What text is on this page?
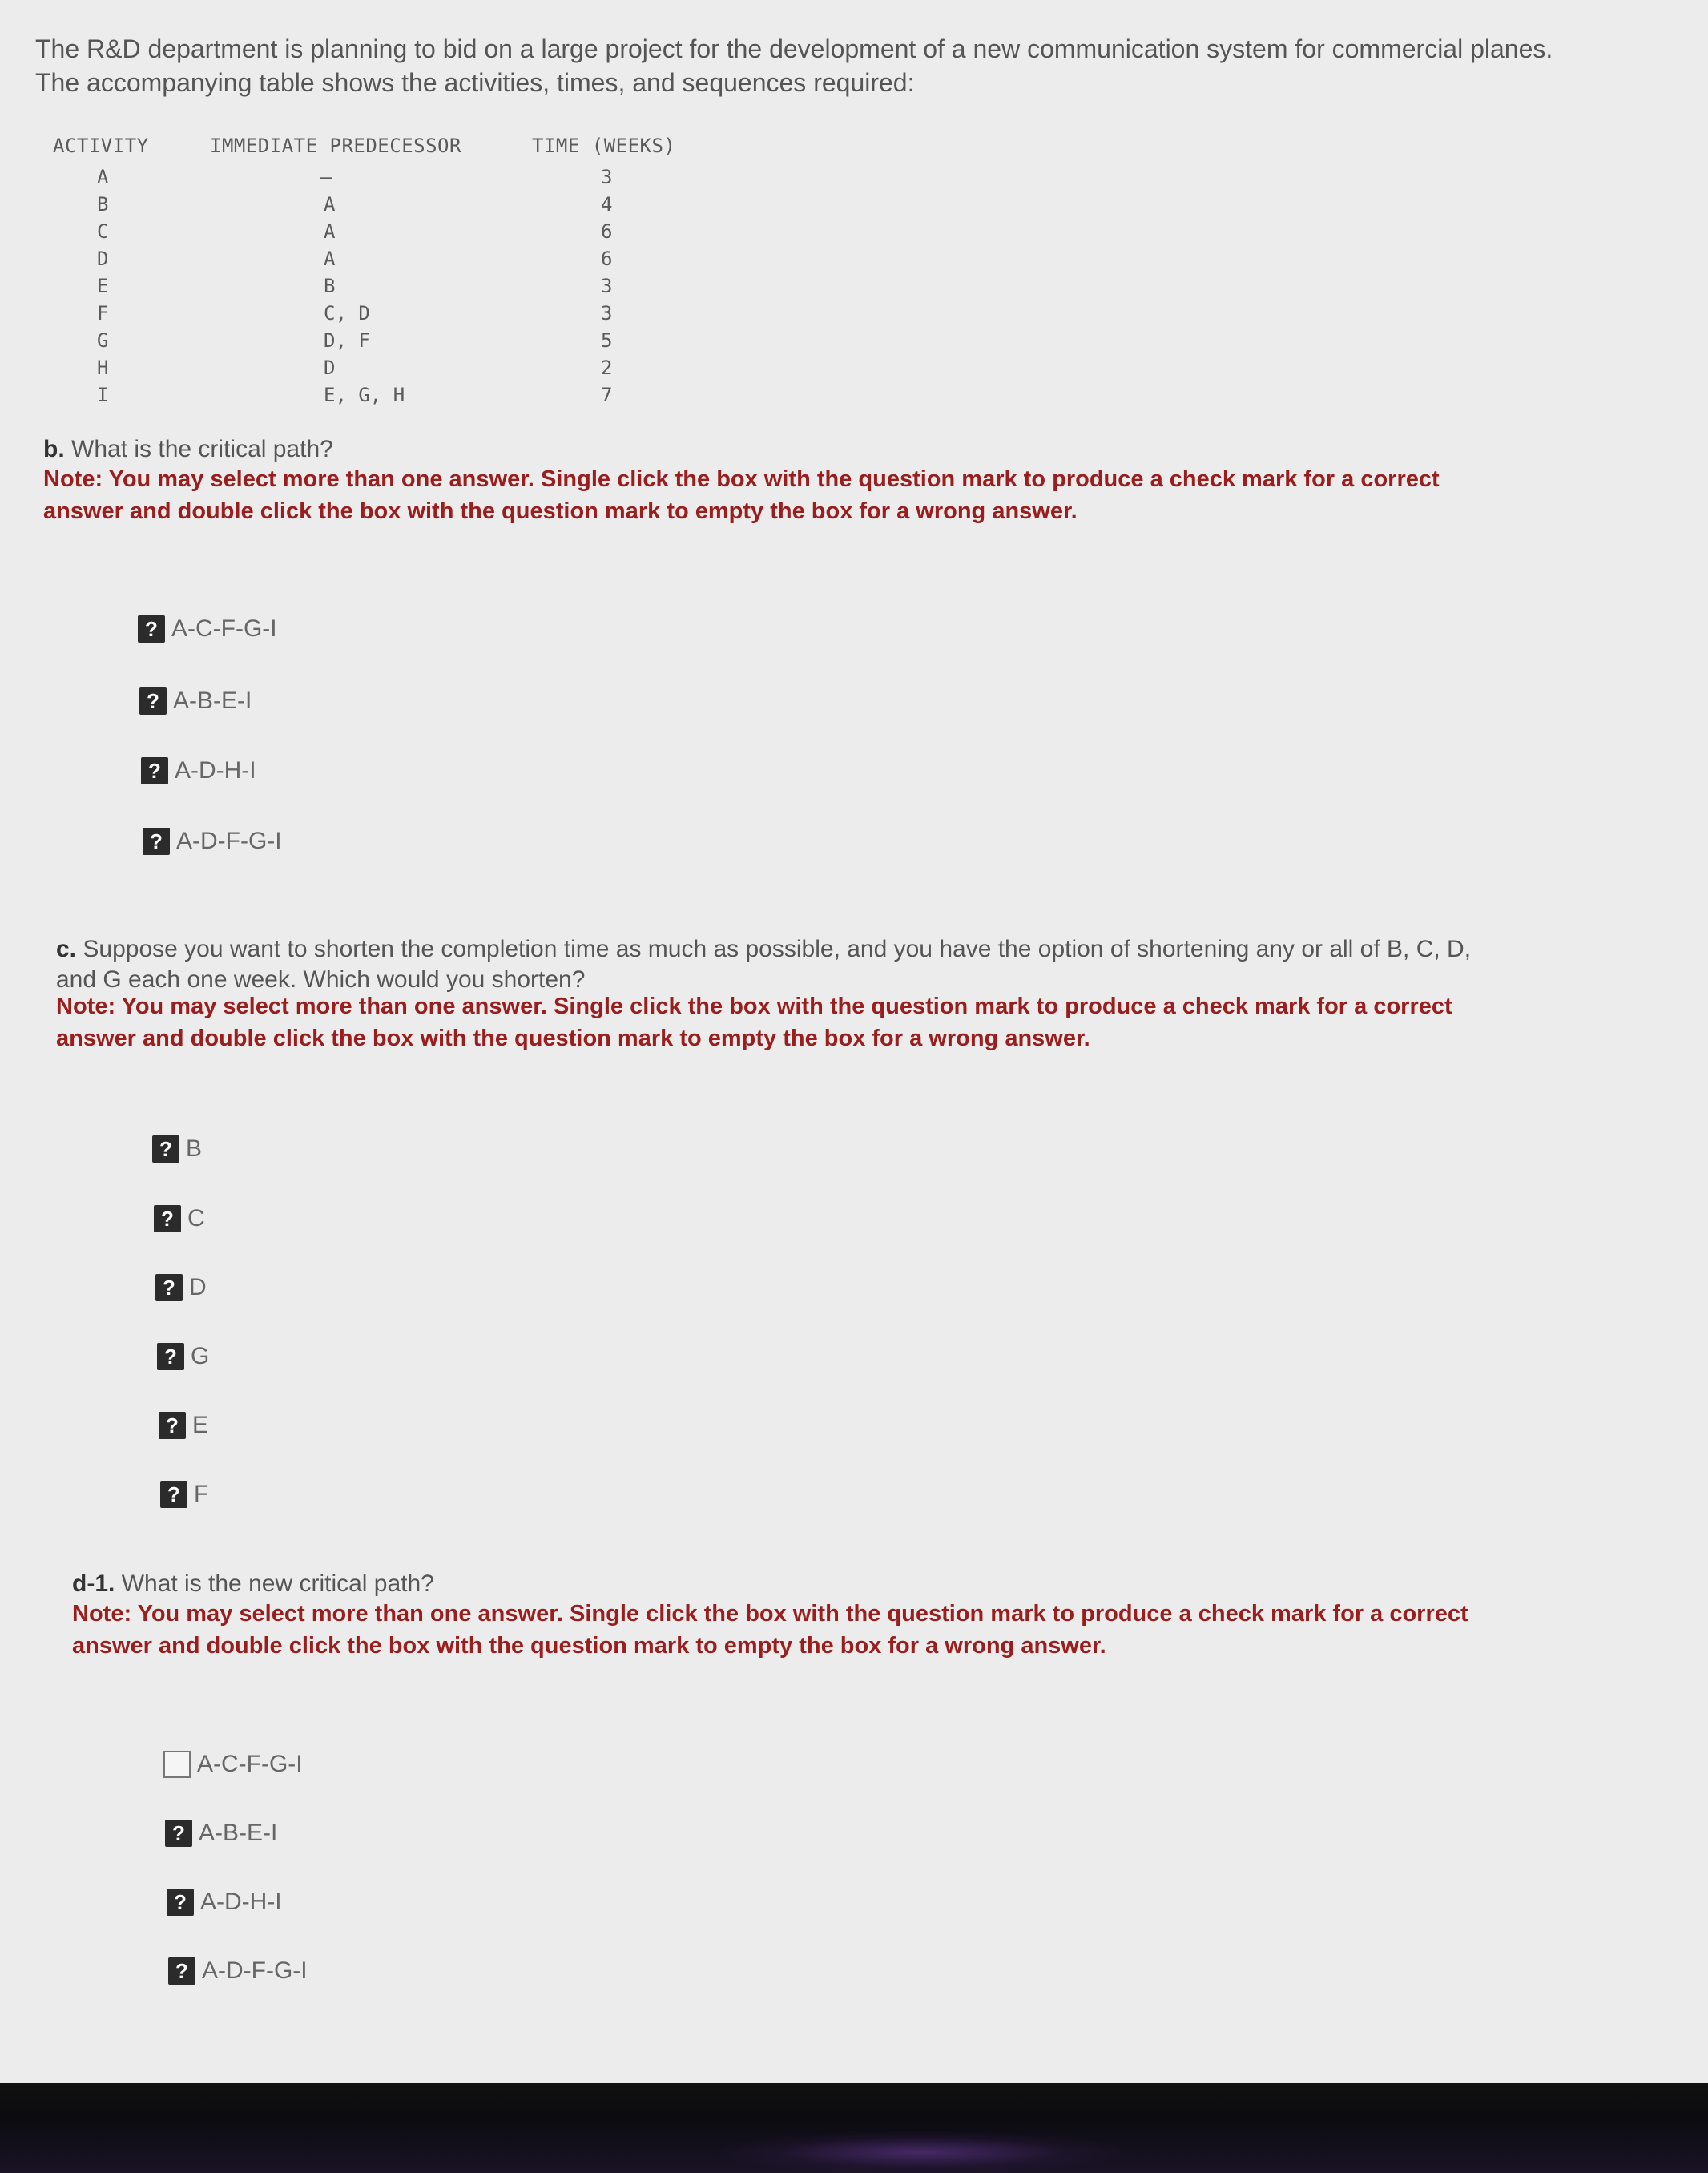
The R&D department is planning to bid on a large project for the development of a new communication system for commercial planes.

The accompanying table shows the activities, times, and sequences required:

ACTIVITY	IMMEDIATE PREDECESSOR	TIME (WEEKS)
A	—	3
B	A	4
C	A	6
D	A	6
E	B	3
F	C, D	3
G	D, F	5
H	D	2
I	E, G, H	7
b. What is the critical path?
Note: You may select more than one answer. Single click the box with the question mark to produce a check mark for a correct
answer and double click the box with the question mark to empty the box for a wrong answer.
? A-C-F-G-I
? A-B-E-I
? A-D-H-I
? A-D-F-G-I
c. Suppose you want to shorten the completion time as much as possible, and you have the option of shortening any or all of B, C, D,
and G each one week. Which would you shorten?
Note: You may select more than one answer. Single click the box with the question mark to produce a check mark for a correct
answer and double click the box with the question mark to empty the box for a wrong answer.
? B
? C
? D
? G
? E
? F
d-1. What is the new critical path?
Note: You may select more than one answer. Single click the box with the question mark to produce a check mark for a correct
answer and double click the box with the question mark to empty the box for a wrong answer.
A-C-F-G-I
? A-B-E-I
? A-D-H-I
? A-D-F-G-I
